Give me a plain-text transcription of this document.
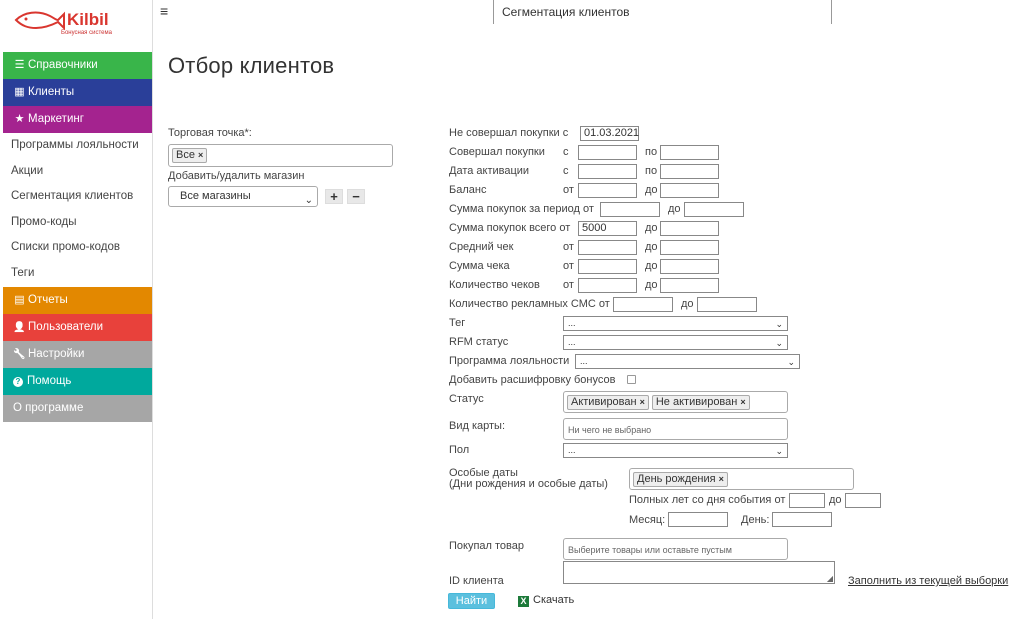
Kilbil
Бонусная система
☰ Справочники
▦ Клиенты
★ Маркетинг
Программы лояльности
Акции
Сегментация клиентов
Промо-коды
Списки промо-кодов
Теги
▤ Отчеты
👤 Пользователи
🔧 Настройки
? Помощь
О программе
≡	Сегментация клиентов
Отбор клиентов
Торговая точка*:
Все ×
Добавить/удалить магазин
Все магазины	⌄	+	−
Не совершал покупки с	01.03.2021
Совершал покупки с	по
Дата активации	с	по
Баланс	от	до
Сумма покупок за период от	до
Сумма покупок всего от	5000	до
Средний чек	от	до
Сумма чека	от	до
Количество чеков от	до
Количество рекламных СМС от	до
Тег	...	⌄
RFM статус	...	⌄
Программа лояльности	...	⌄
Добавить расшифровку бонусов
Статус	Активирован × Не активирован ×
Вид карты:	Ни чего не выбрано
Пол	...	⌄
Особые даты
(Дни рождения и особые даты)	День рождения ×
Полных лет со дня события от	до
Месяц:	День:
Покупал товар	Выберите товары или оставьте пустым
ID клиента	◢ Заполнить из текущей выборки
Найти	X Скачать
